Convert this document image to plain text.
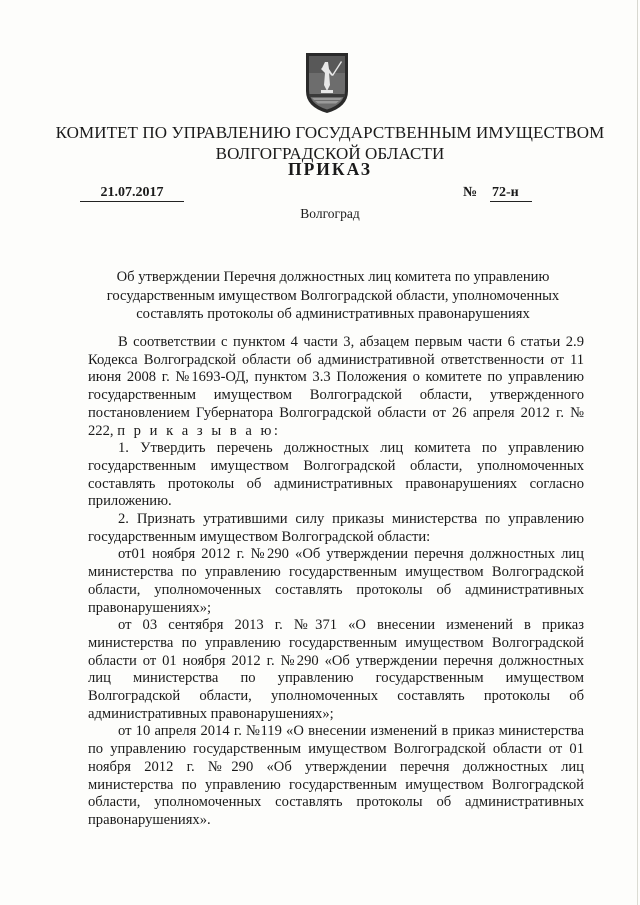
КОМИТЕТ ПО УПРАВЛЕНИЮ ГОСУДАРСТВЕННЫМ ИМУЩЕСТВОМ
ВОЛГОГРАДСКОЙ ОБЛАСТИ
ПРИКАЗ
21.07.2017	№ 72-н
Волгоград
Об утверждении Перечня должностных лиц комитета по управлению
государственным имуществом Волгоградской области, уполномоченных
составлять протоколы об административных правонарушениях

В соответствии с пунктом 4 части 3, абзацем первым части 6 статьи 2.9 Кодекса Волгоградской области об административной ответственности от 11 июня 2008 г. №1693-ОД, пунктом 3.3 Положения о комитете по управлению государственным имуществом Волгоградской области, утвержденного постановлением Губернатора Волгоградской области от 26 апреля 2012 г. № 222, п р и к а з ы в а ю:

1. Утвердить перечень должностных лиц комитета по управлению государственным имуществом Волгоградской области, уполномоченных составлять протоколы об административных правонарушениях согласно приложению.

2. Признать утратившими силу приказы министерства по управлению государственным имуществом Волгоградской области:

от01 ноября 2012 г. №290 «Об утверждении перечня должностных лиц министерства по управлению государственным имуществом Волгоградской области, уполномоченных составлять протоколы об административных правонарушениях»;

от 03 сентября 2013 г. №371 «О внесении изменений в приказ министерства по управлению государственным имуществом Волгоградской области от 01 ноября 2012 г. №290 «Об утверждении перечня должностных лиц министерства по управлению государственным имуществом Волгоградской области, уполномоченных составлять протоколы об административных правонарушениях»;

от 10 апреля 2014 г. №119 «О внесении изменений в приказ министерства по управлению государственным имуществом Волгоградской области от 01 ноября 2012 г. №290 «Об утверждении перечня должностных лиц министерства по управлению государственным имуществом Волгоградской области, уполномоченных составлять протоколы об административных правонарушениях».
